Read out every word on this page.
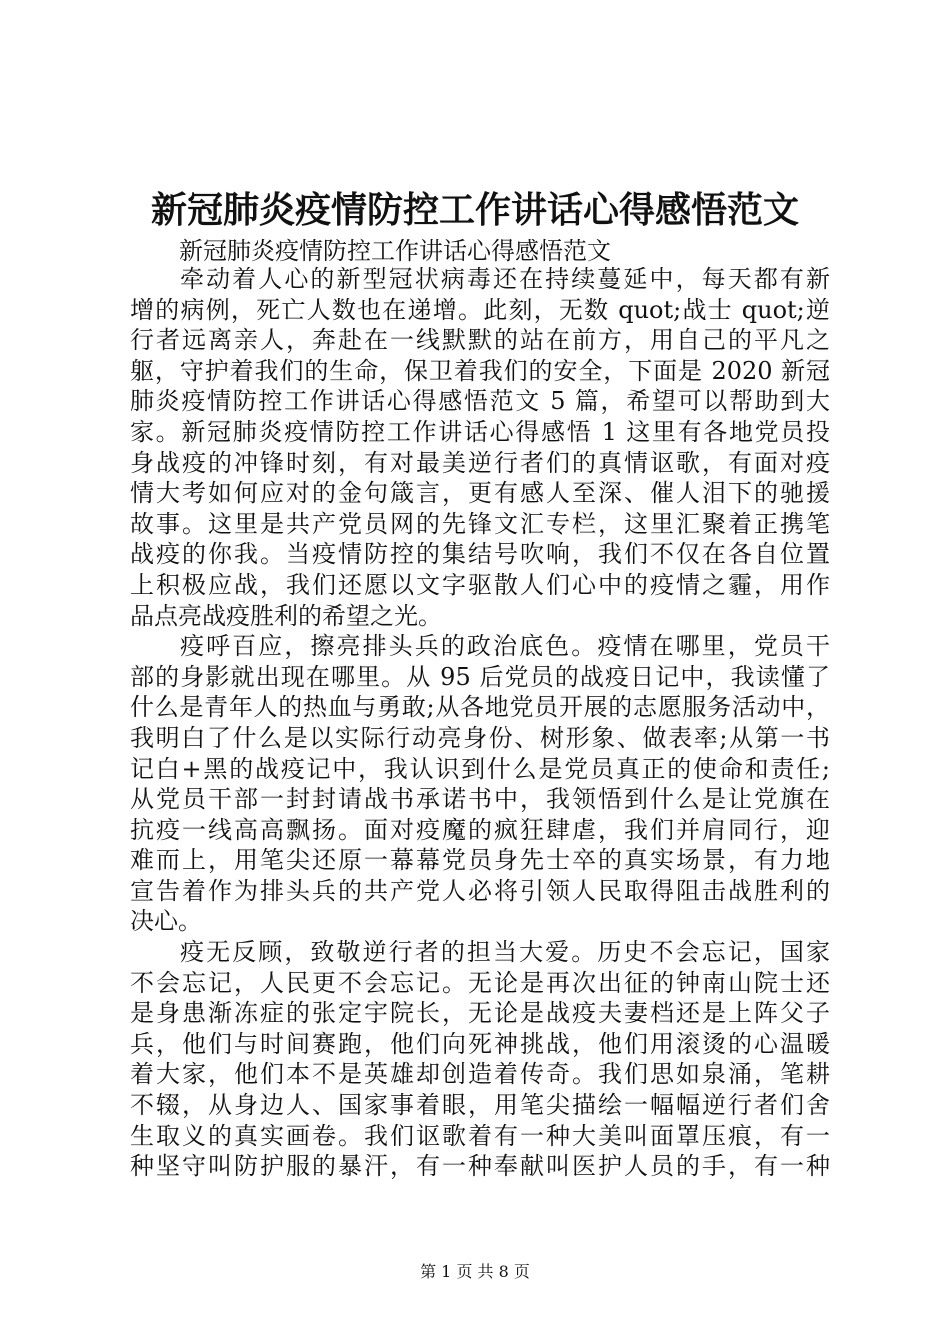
新冠肺炎疫情防控工作讲话心得感悟范文
新冠肺炎疫情防控工作讲话心得感悟范文
牵动着人心的新型冠状病毒还在持续蔓延中，每天都有新
增的病例，死亡人数也在递增。此刻，无数 quot;战士 quot;逆
行者远离亲人，奔赴在一线默默的站在前方，用自己的平凡之
躯，守护着我们的生命，保卫着我们的安全，下面是 2020 新冠
肺炎疫情防控工作讲话心得感悟范文 5 篇，希望可以帮助到大
家。新冠肺炎疫情防控工作讲话心得感悟 1 这里有各地党员投
身战疫的冲锋时刻，有对最美逆行者们的真情讴歌，有面对疫
情大考如何应对的金句箴言，更有感人至深、催人泪下的驰援
故事。这里是共产党员网的先锋文汇专栏，这里汇聚着正携笔
战疫的你我。当疫情防控的集结号吹响，我们不仅在各自位置
上积极应战，我们还愿以文字驱散人们心中的疫情之霾，用作
品点亮战疫胜利的希望之光。
疫呼百应，擦亮排头兵的政治底色。疫情在哪里，党员干
部的身影就出现在哪里。从 95 后党员的战疫日记中，我读懂了
什么是青年人的热血与勇敢;从各地党员开展的志愿服务活动中，
我明白了什么是以实际行动亮身份、树形象、做表率;从第一书
记白+黑的战疫记中，我认识到什么是党员真正的使命和责任;
从党员干部一封封请战书承诺书中，我领悟到什么是让党旗在
抗疫一线高高飘扬。面对疫魔的疯狂肆虐，我们并肩同行，迎
难而上，用笔尖还原一幕幕党员身先士卒的真实场景，有力地
宣告着作为排头兵的共产党人必将引领人民取得阻击战胜利的
决心。
疫无反顾，致敬逆行者的担当大爱。历史不会忘记，国家
不会忘记，人民更不会忘记。无论是再次出征的钟南山院士还
是身患渐冻症的张定宇院长，无论是战疫夫妻档还是上阵父子
兵，他们与时间赛跑，他们向死神挑战，他们用滚烫的心温暖
着大家，他们本不是英雄却创造着传奇。我们思如泉涌，笔耕
不辍，从身边人、国家事着眼，用笔尖描绘一幅幅逆行者们舍
生取义的真实画卷。我们讴歌着有一种大美叫面罩压痕，有一
种坚守叫防护服的暴汗，有一种奉献叫医护人员的手，有一种
第 1 页 共 8 页
